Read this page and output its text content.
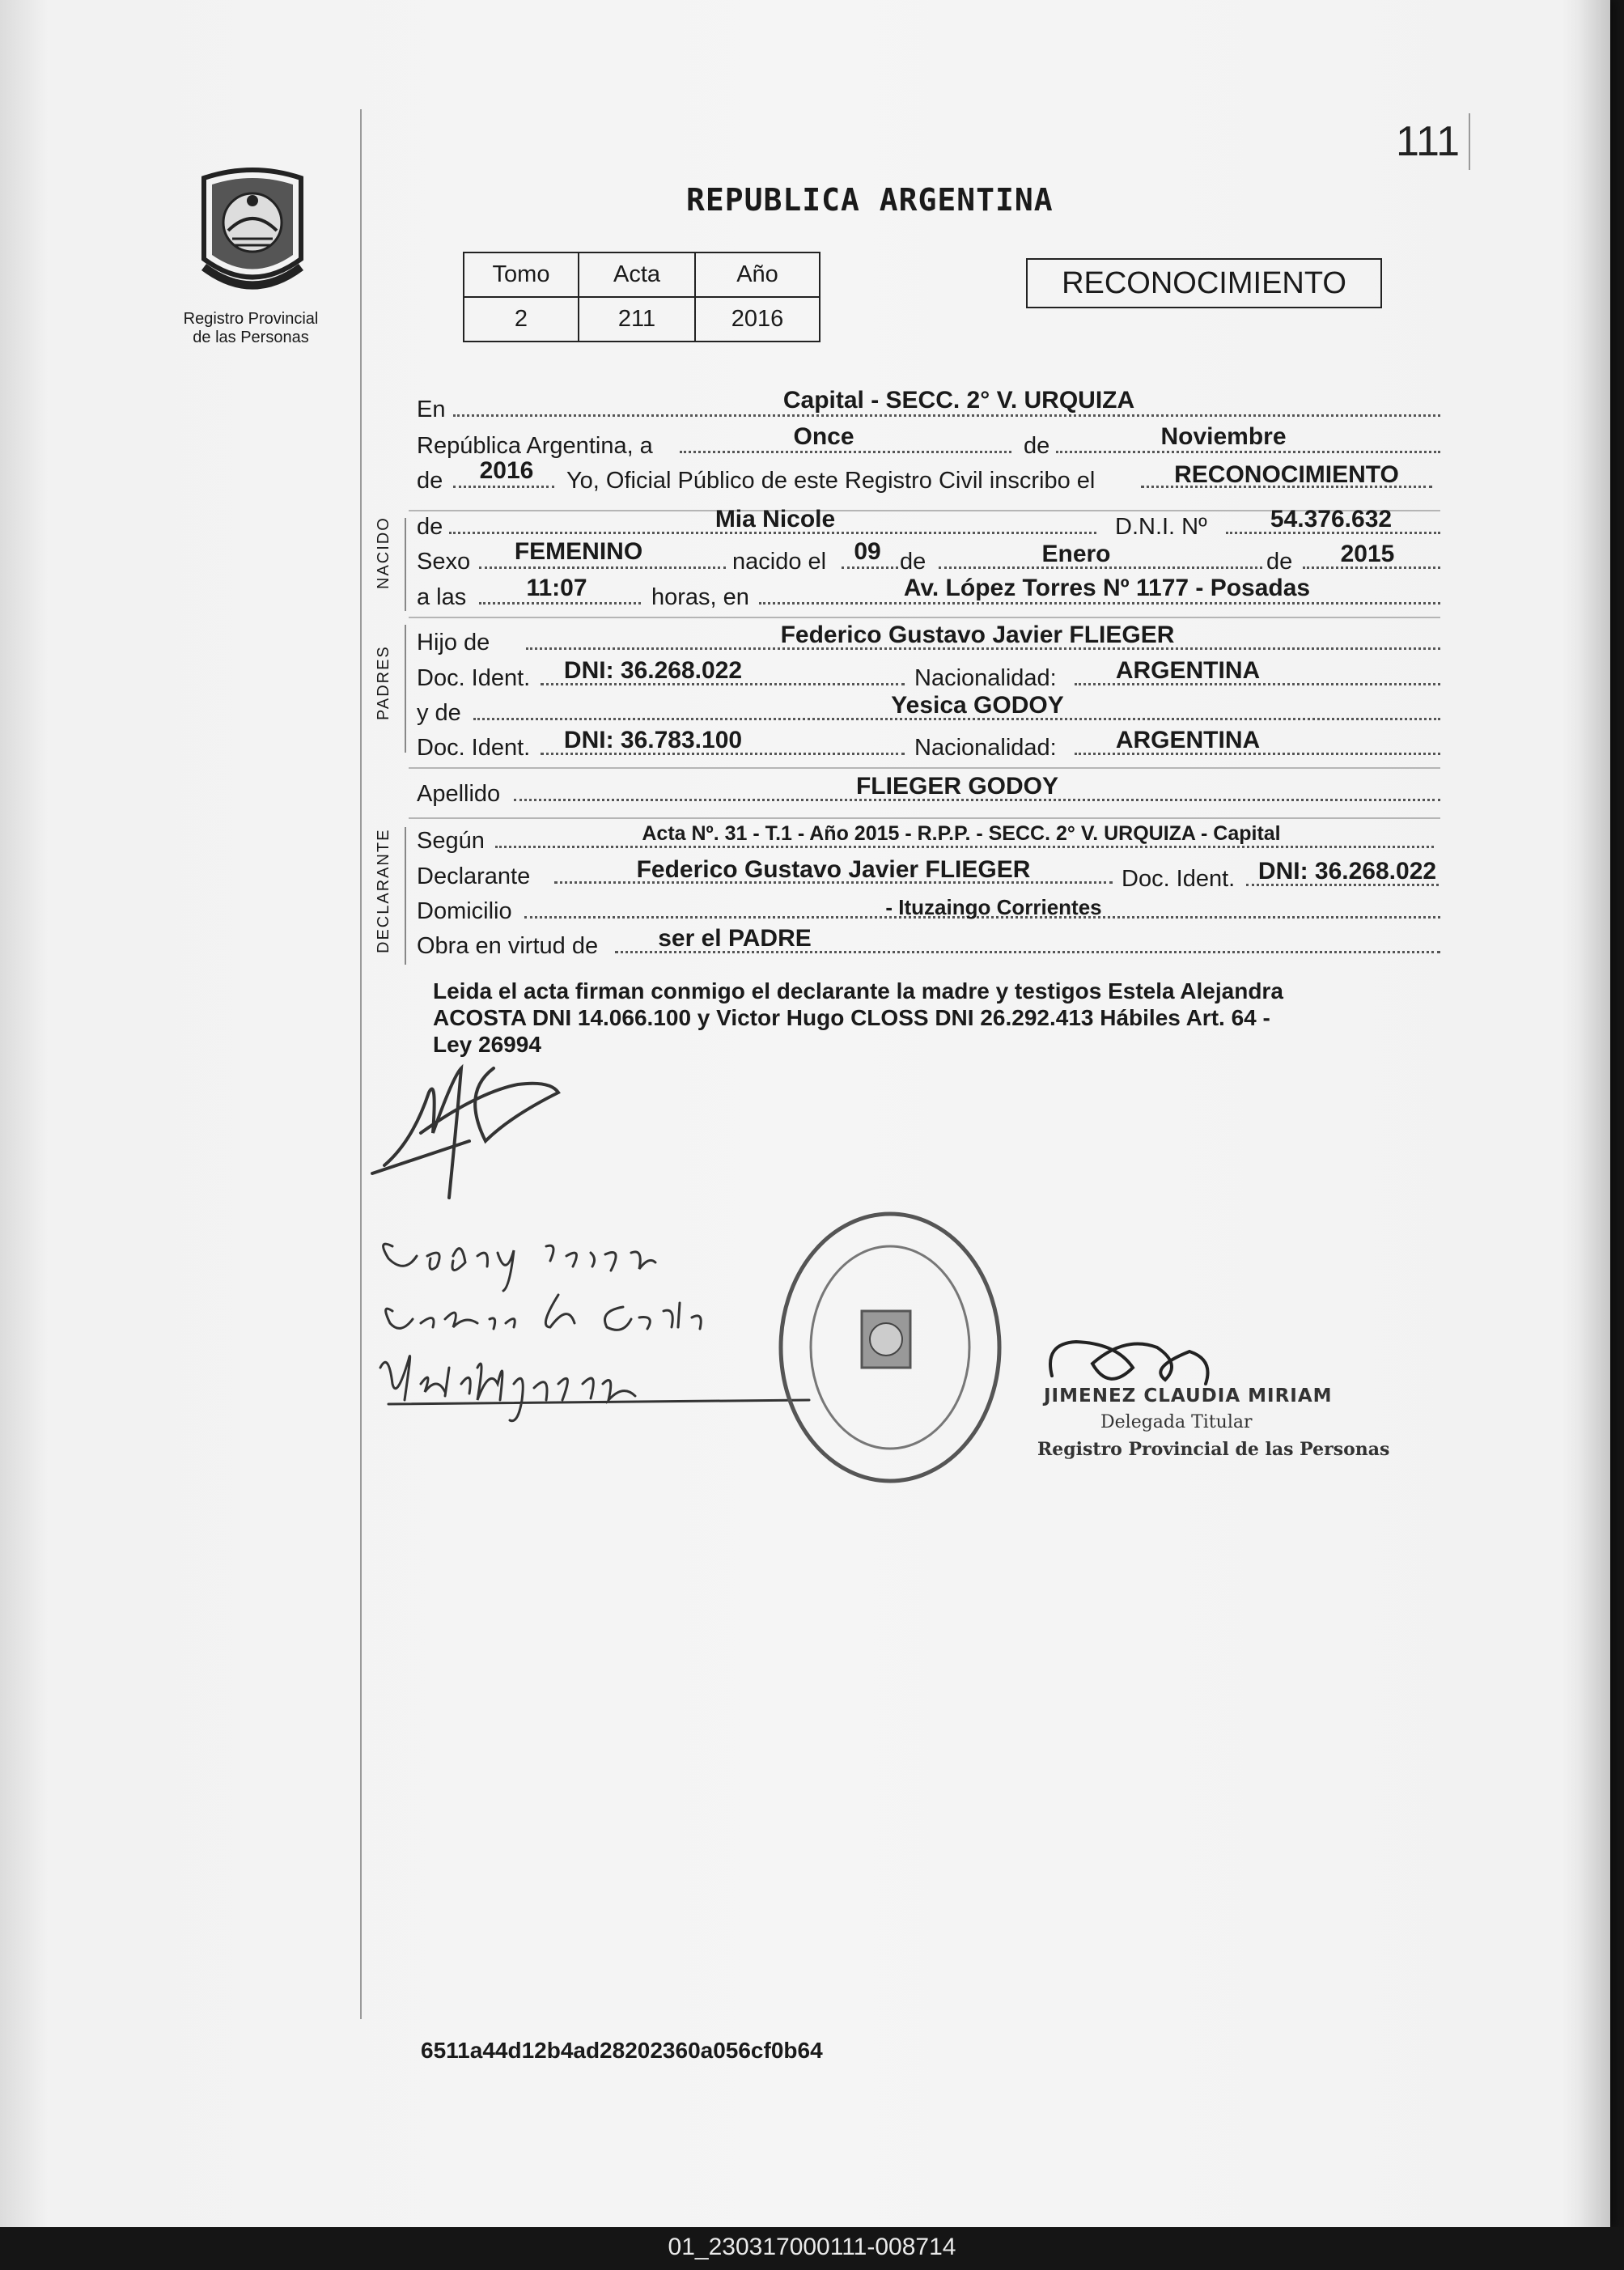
111
Registro Provincial
de las Personas
REPUBLICA ARGENTINA
Tomo	Acta	Año
2	211	2016
RECONOCIMIENTO
En	Capital - SECC. 2° V. URQUIZA
República Argentina, a	Once	de	Noviembre
de 2016 Yo, Oficial Público de este Registro Civil inscribo el	RECONOCIMIENTO
NACIDO de	Mia Nicole	D.N.I. Nº	54.376.632
Sexo FEMENINO	nacido el 09 de	Enero	de 2015
a las 11:07	horas, en	Av. López Torres Nº 1177 - Posadas
PADRES
Hijo de	Federico Gustavo Javier FLIEGER
Doc. Ident. DNI: 36.268.022	Nacionalidad: ARGENTINA
y de	Yesica GODOY
Doc. Ident. DNI: 36.783.100	Nacionalidad: ARGENTINA
Apellido	FLIEGER GODOY
DECLARANTE Según	Acta Nº. 31 - T.1 - Año 2015 - R.P.P. - SECC. 2° V. URQUIZA - Capital
Declarante	Federico Gustavo Javier FLIEGER	Doc. Ident. DNI: 36.268.022
Domicilio	- Ituzaingo Corrientes
Obra en virtud de ser el PADRE
Leida el acta firman conmigo el declarante la madre y testigos Estela Alejandra
ACOSTA DNI 14.066.100 y Victor Hugo CLOSS DNI 26.292.413 Hábiles Art. 64 -
Ley 26994
JIMENEZ CLAUDIA MIRIAM
Delegada Titular
Registro Provincial de las Personas
6511a44d12b4ad28202360a056cf0b64
01_230317000111-008714
